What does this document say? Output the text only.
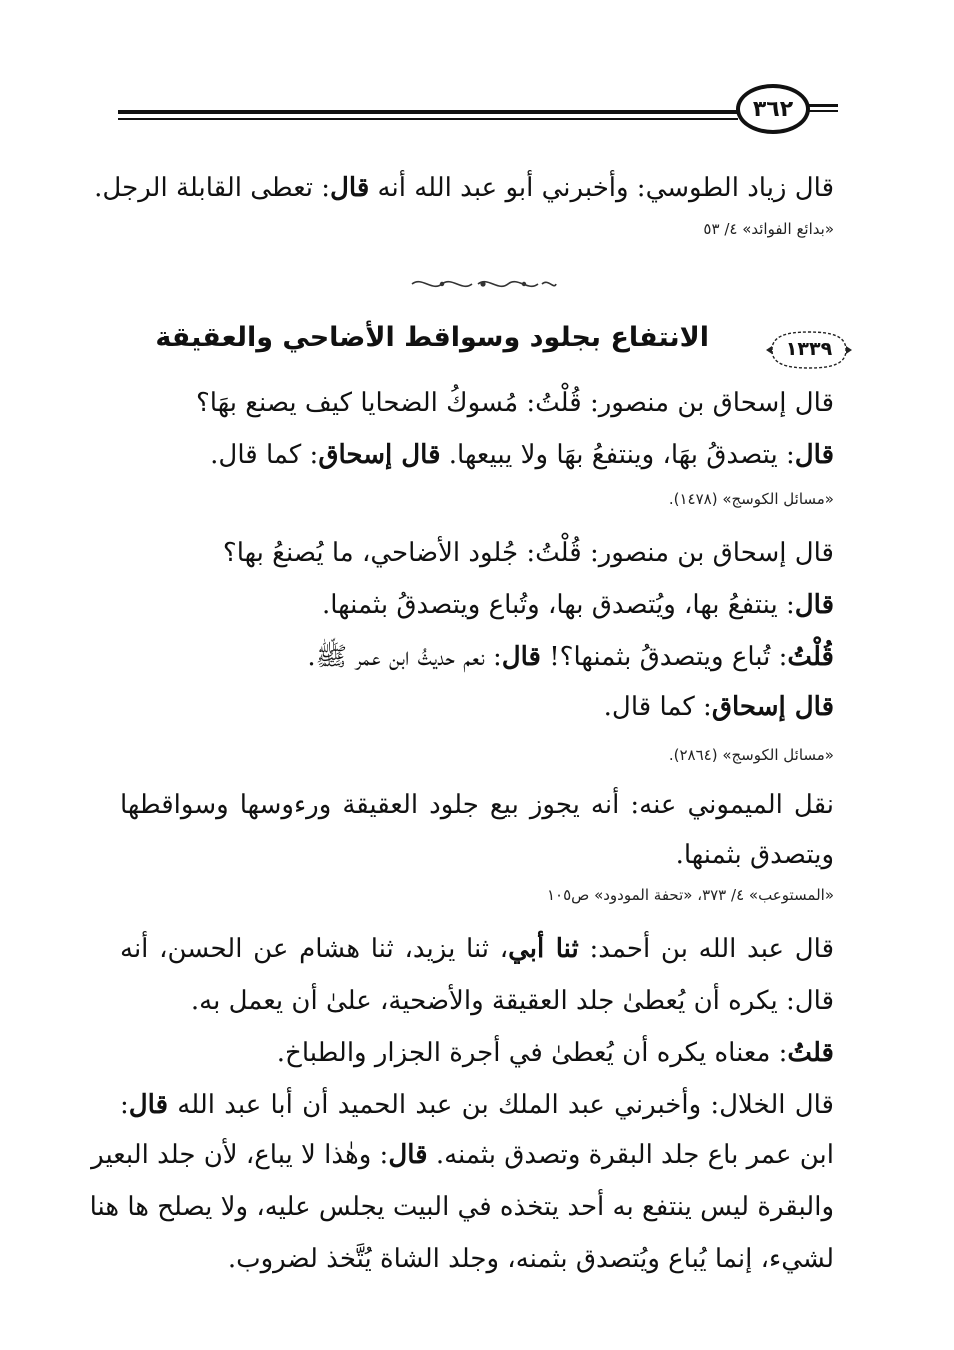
٣٦٢
قال زياد الطوسي: وأخبرني أبو عبد الله أنه قال: تعطى القابلة الرجل.
«بدائع الفوائد» ٤/ ٥٣
١٣٣٩
الانتفاع بجلود وسواقط الأضاحي والعقيقة
قال إسحاق بن منصور: قُلْتُ: مُسوكُ الضحايا كيف يصنع بهَا؟
قال: يتصدقُ بهَا، وينتفعُ بهَا ولا يبيعها. قال إسحاق: كما قال.
«مسائل الكوسج» (١٤٧٨).
قال إسحاق بن منصور: قُلْتُ: جُلود الأضاحي، ما يُصنعُ بها؟
قال: ينتفعُ بها، ويُتصدق بها، وتُباع ويتصدقُ بثمنها.
قُلْتُ: تُباع ويتصدقُ بثمنها؟! قال: نعم حديثُ ابن عمر ﷺ.
قال إسحاق: كما قال.
«مسائل الكوسج» (٢٨٦٤).
نقل الميموني عنه: أنه يجوز بيع جلود العقيقة ورءوسها وسواقطها
ويتصدق بثمنها.
«المستوعب» ٤/ ٣٧٣، «تحفة المودود» ص١٠٥
قال عبد الله بن أحمد: ثنا أبي، ثنا يزيد، ثنا هشام عن الحسن، أنه
قال: يكره أن يُعطىٰ جلد العقيقة والأضحية، علىٰ أن يعمل به.
قلتُ: معناه يكره أن يُعطىٰ في أجرة الجزار والطباخ.
قال الخلال: وأخبرني عبد الملك بن عبد الحميد أن أبا عبد الله قال:
ابن عمر باع جلد البقرة وتصدق بثمنه. قال: وهٰذا لا يباع، لأن جلد البعير
والبقرة ليس ينتفع به أحد يتخذه في البيت يجلس عليه، ولا يصلح ها هنا
لشيء، إنما يُباع ويُتصدق بثمنه، وجلد الشاة يُتَّخذ لضروب.
